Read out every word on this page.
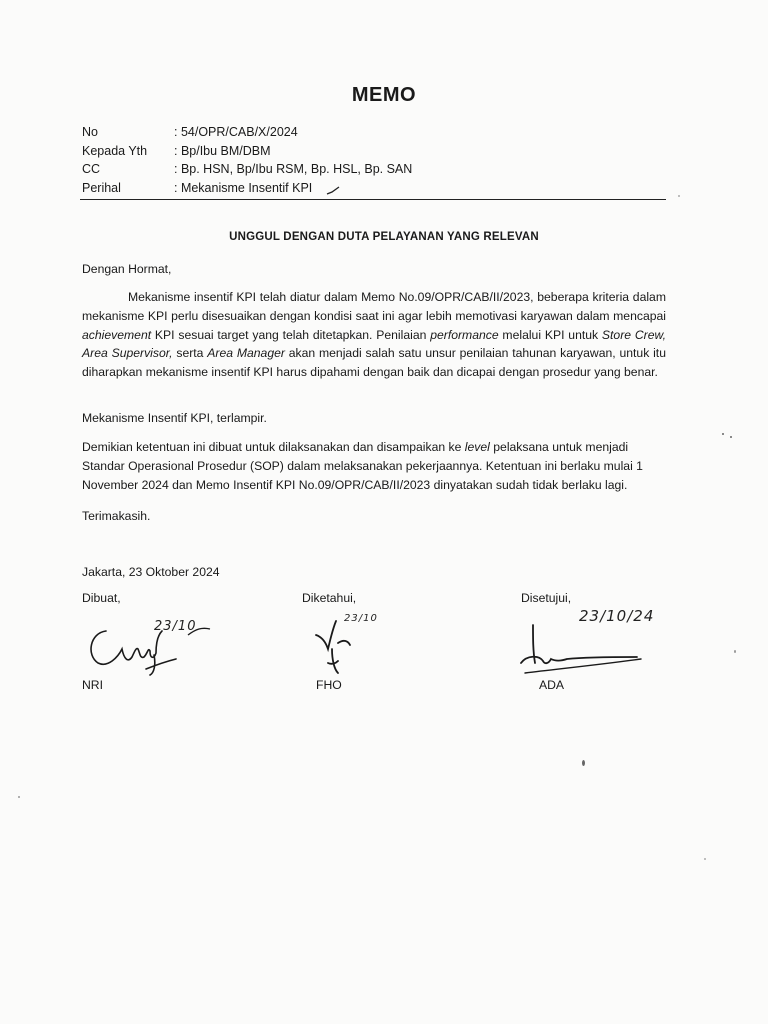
MEMO
No	: 54/OPR/CAB/X/2024
Kepada Yth	: Bp/Ibu BM/DBM
CC	: Bp. HSN, Bp/Ibu RSM, Bp. HSL, Bp. SAN
Perihal	: Mekanisme Insentif KPI
UNGGUL DENGAN DUTA PELAYANAN YANG RELEVAN
Dengan Hormat,
Mekanisme insentif KPI telah diatur dalam Memo No.09/OPR/CAB/II/2023, beberapa kriteria dalam mekanisme KPI perlu disesuaikan dengan kondisi saat ini agar lebih memotivasi karyawan dalam mencapai achievement KPI sesuai target yang telah ditetapkan. Penilaian performance melalui KPI untuk Store Crew, Area Supervisor, serta Area Manager akan menjadi salah satu unsur penilaian tahunan karyawan, untuk itu diharapkan mekanisme insentif KPI harus dipahami dengan baik dan dicapai dengan prosedur yang benar.
Mekanisme Insentif KPI, terlampir.
Demikian ketentuan ini dibuat untuk dilaksanakan dan disampaikan ke level pelaksana untuk menjadi Standar Operasional Prosedur (SOP) dalam melaksanakan pekerjaannya. Ketentuan ini berlaku mulai 1 November 2024 dan Memo Insentif KPI No.09/OPR/CAB/II/2023 dinyatakan sudah tidak berlaku lagi.
Terimakasih.
Jakarta, 23 Oktober 2024
Dibuat,
23/10
NRI
Diketahui,
23/10
FHO
Disetujui,
23/10/24
ADA
